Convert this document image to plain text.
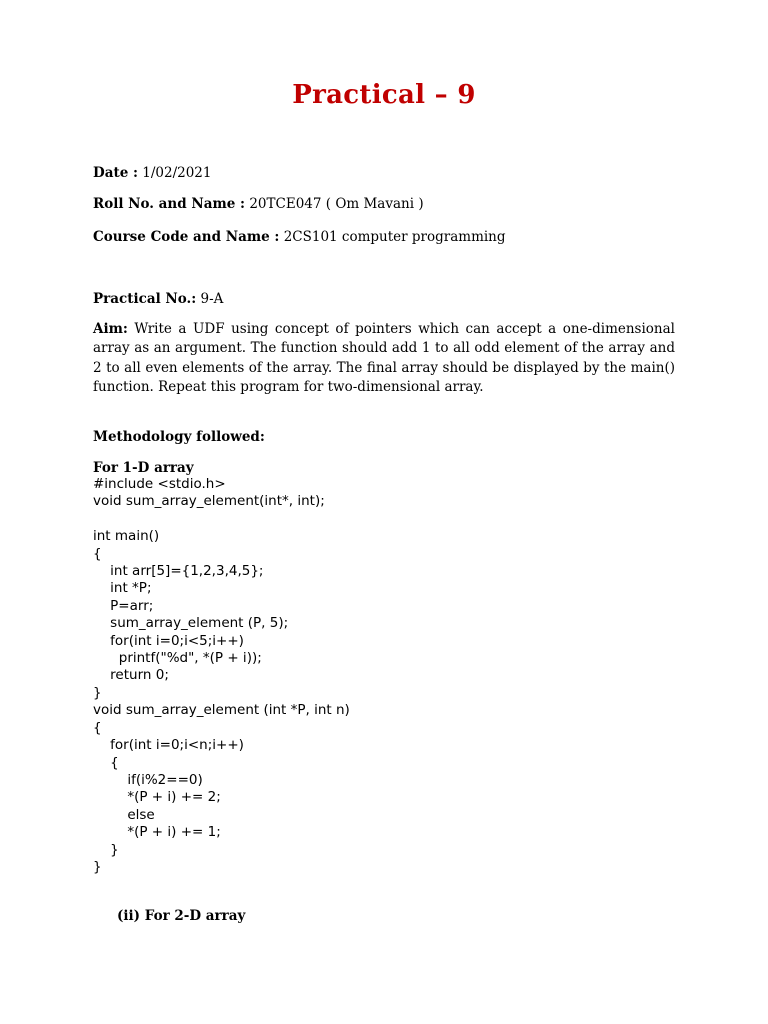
Practical – 9
Date : 1/02/2021
Roll No. and Name : 20TCE047 ( Om Mavani )
Course Code and Name : 2CS101 computer programming
Practical No.: 9-A
Aim: Write a UDF using concept of pointers which can accept a one-dimensional array as an argument. The function should add 1 to all odd element of the array and 2 to all even elements of the array. The final array should be displayed by the main() function. Repeat this program for two-dimensional array.
Methodology followed:
For 1-D array
#include <stdio.h>
void sum_array_element(int*, int);

int main()
{
int arr[5]={1,2,3,4,5};
int *P;
P=arr;
sum_array_element (P, 5);
for(int i=0;i<5;i++)
printf("%d", *(P + i));
return 0;
}
void sum_array_element (int *P, int n)
{
for(int i=0;i<n;i++)
{
if(i%2==0)
*(P + i) += 2;
else
*(P + i) += 1;
}
}
(ii) For 2-D array
